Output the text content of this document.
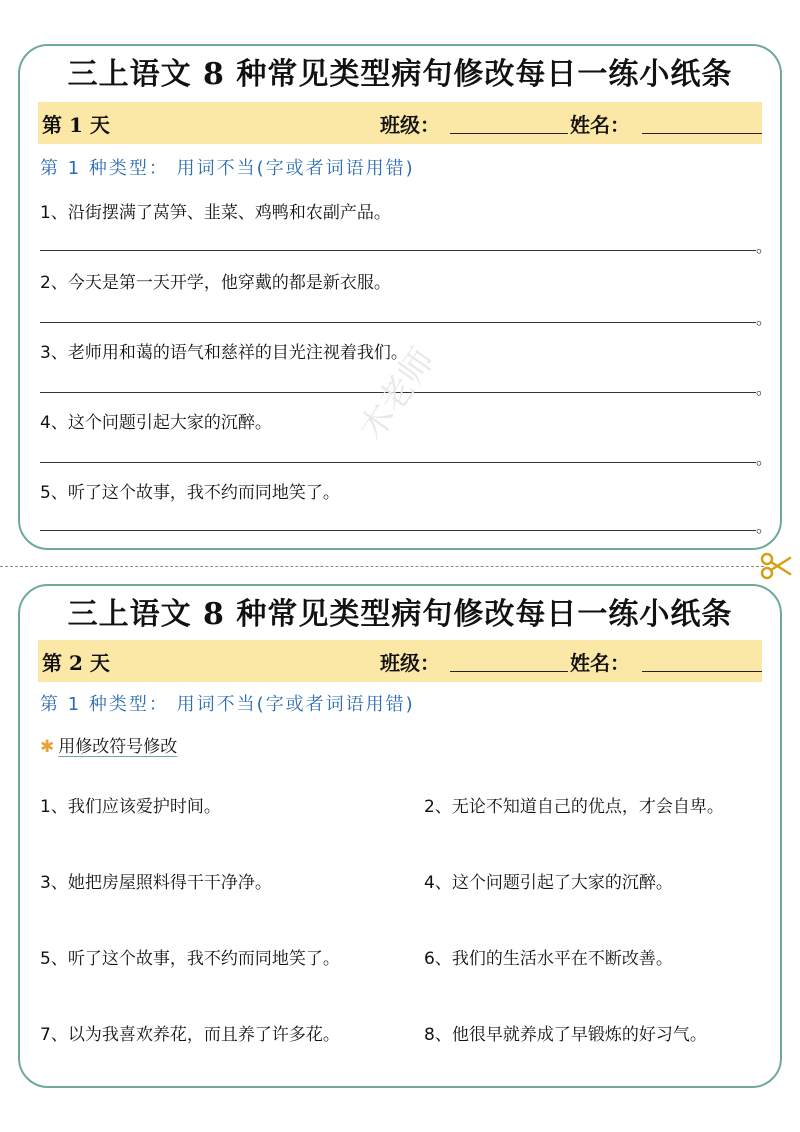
三上语文 8 种常见类型病句修改每日一练小纸条
第 1 天	班级：	姓名：
第 1 种类型： 用词不当(字或者词语用错)
1、沿街摆满了莴笋、韭菜、鸡鸭和农副产品。
。
2、今天是第一天开学，他穿戴的都是新衣服。
。
3、老师用和蔼的语气和慈祥的目光注视着我们。
。
4、这个问题引起大家的沉醉。
。
5、听了这个故事，我不约而同地笑了。
。
木老师
三上语文 8 种常见类型病句修改每日一练小纸条
第 2 天	班级：	姓名：
第 1 种类型： 用词不当(字或者词语用错)
✱ 用修改符号修改
1、我们应该爱护时间。	2、无论不知道自己的优点，才会自卑。
3、她把房屋照料得干干净净。	4、这个问题引起了大家的沉醉。
5、听了这个故事，我不约而同地笑了。	6、我们的生活水平在不断改善。
7、以为我喜欢养花，而且养了许多花。	8、他很早就养成了早锻炼的好习气。
